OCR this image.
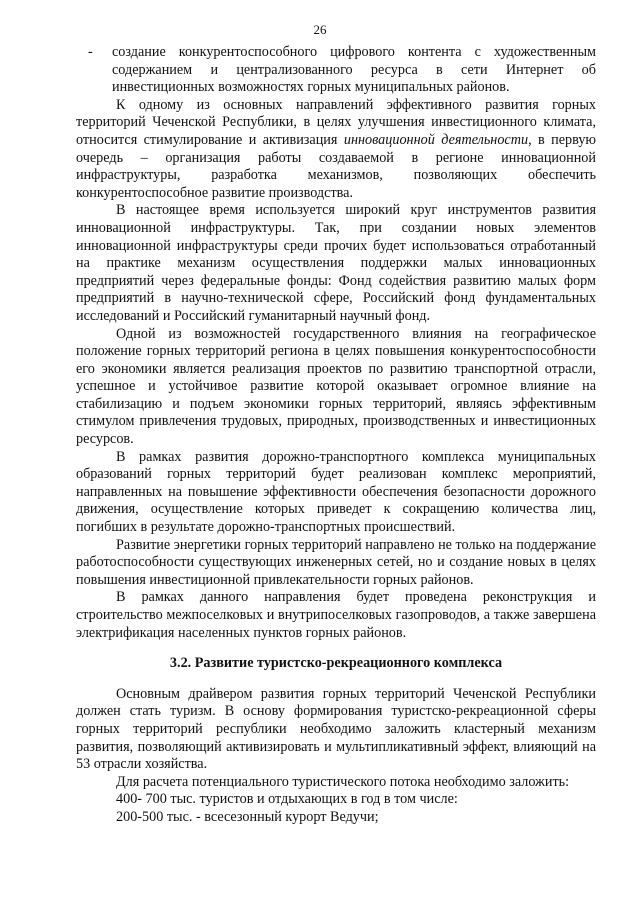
26

- создание конкурентоспособного цифрового контента с художественным содержанием и централизованного ресурса в сети Интернет об инвестиционных возможностях горных муниципальных районов.

К одному из основных направлений эффективного развития горных территорий Чеченской Республики, в целях улучшения инвестиционного климата, относится стимулирование и активизация инновационной деятельности, в первую очередь – организация работы создаваемой в регионе инновационной инфраструктуры, разработка механизмов, позволяющих обеспечить конкурентоспособное развитие производства.

В настоящее время используется широкий круг инструментов развития инновационной инфраструктуры. Так, при создании новых элементов инновационной инфраструктуры среди прочих будет использоваться отработанный на практике механизм осуществления поддержки малых инновационных предприятий через федеральные фонды: Фонд содействия развитию малых форм предприятий в научно-технической сфере, Российский фонд фундаментальных исследований и Российский гуманитарный научный фонд.

Одной из возможностей государственного влияния на географическое положение горных территорий региона в целях повышения конкурентоспособности его экономики является реализация проектов по развитию транспортной отрасли, успешное и устойчивое развитие которой оказывает огромное влияние на стабилизацию и подъем экономики горных территорий, являясь эффективным стимулом привлечения трудовых, природных, производственных и инвестиционных ресурсов.

В рамках развития дорожно-транспортного комплекса муниципальных образований горных территорий будет реализован комплекс мероприятий, направленных на повышение эффективности обеспечения безопасности дорожного движения, осуществление которых приведет к сокращению количества лиц, погибших в результате дорожно-транспортных происшествий.

Развитие энергетики горных территорий направлено не только на поддержание работоспособности существующих инженерных сетей, но и создание новых в целях повышения инвестиционной привлекательности горных районов.

В рамках данного направления будет проведена реконструкция и строительство межпоселковых и внутрипоселковых газопроводов, а также завершена электрификация населенных пунктов горных районов.

3.2. Развитие туристско-рекреационного комплекса

Основным драйвером развития горных территорий Чеченской Республики должен стать туризм. В основу формирования туристско-рекреационной сферы горных территорий республики необходимо заложить кластерный механизм развития, позволяющий активизировать и мультипликативный эффект, влияющий на 53 отрасли хозяйства.

Для расчета потенциального туристического потока необходимо заложить:

400- 700 тыс. туристов и отдыхающих в год в том числе:

200-500 тыс. - всесезонный курорт Ведучи;
